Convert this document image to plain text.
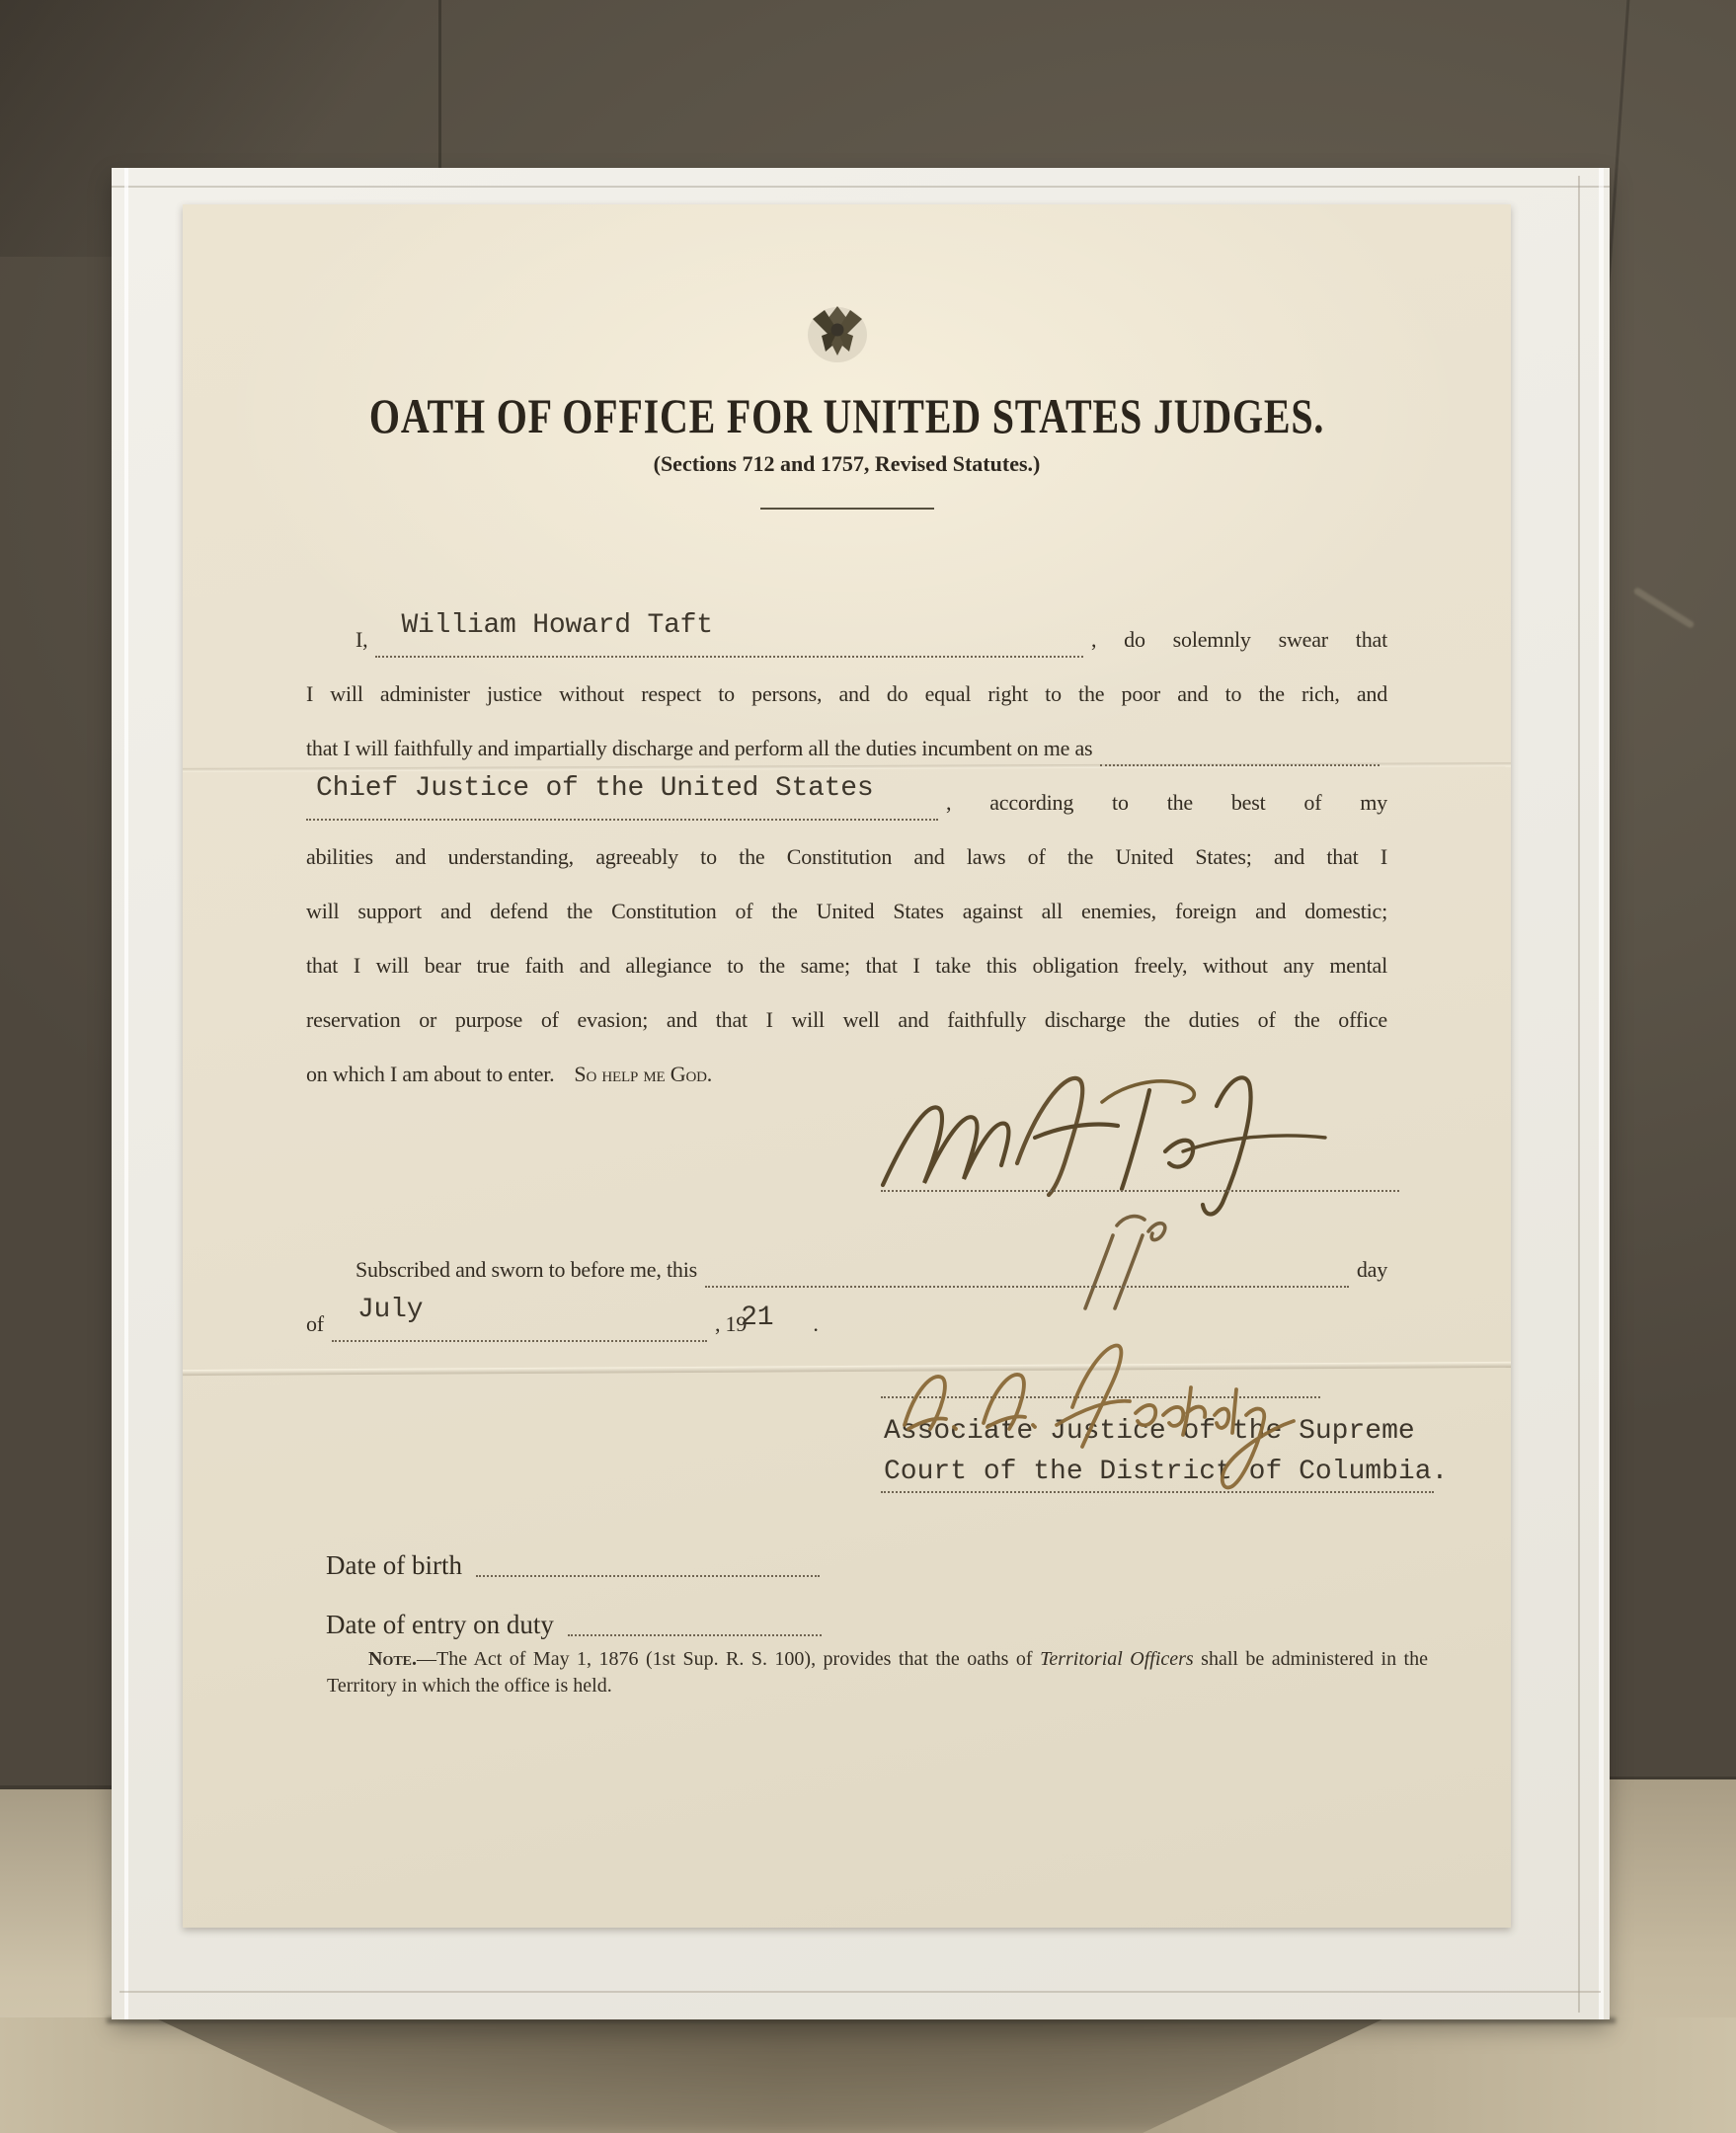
OATH OF OFFICE FOR UNITED STATES JUDGES.
(Sections 712 and 1757, Revised Statutes.)
I, William Howard Taft	, do solemnly swear that
I will administer justice without respect to persons, and do equal right to the poor and to the rich, and
that I will faithfully and impartially discharge and perform all the duties incumbent on me as
Chief Justice of the United States	, according to the best of my
abilities and understanding, agreeably to the Constitution and laws of the United States; and that I
will support and defend the Constitution of the United States against all enemies, foreign and domestic;
that I will bear true faith and allegiance to the same; that I take this obligation freely, without any mental
reservation or purpose of evasion; and that I will well and faithfully discharge the duties of the office
on which I am about to enter. So help me God.
Subscribed and sworn to before me, this	day
of July	, 19
21 .
Associate Justice of the Supreme
Court of the District of Columbia.
Date of birth
Date of entry on duty

Note.—The Act of May 1, 1876 (1st Sup. R. S. 100), provides that the oaths of Territorial Officers shall be administered in the Territory in which the office is held.
